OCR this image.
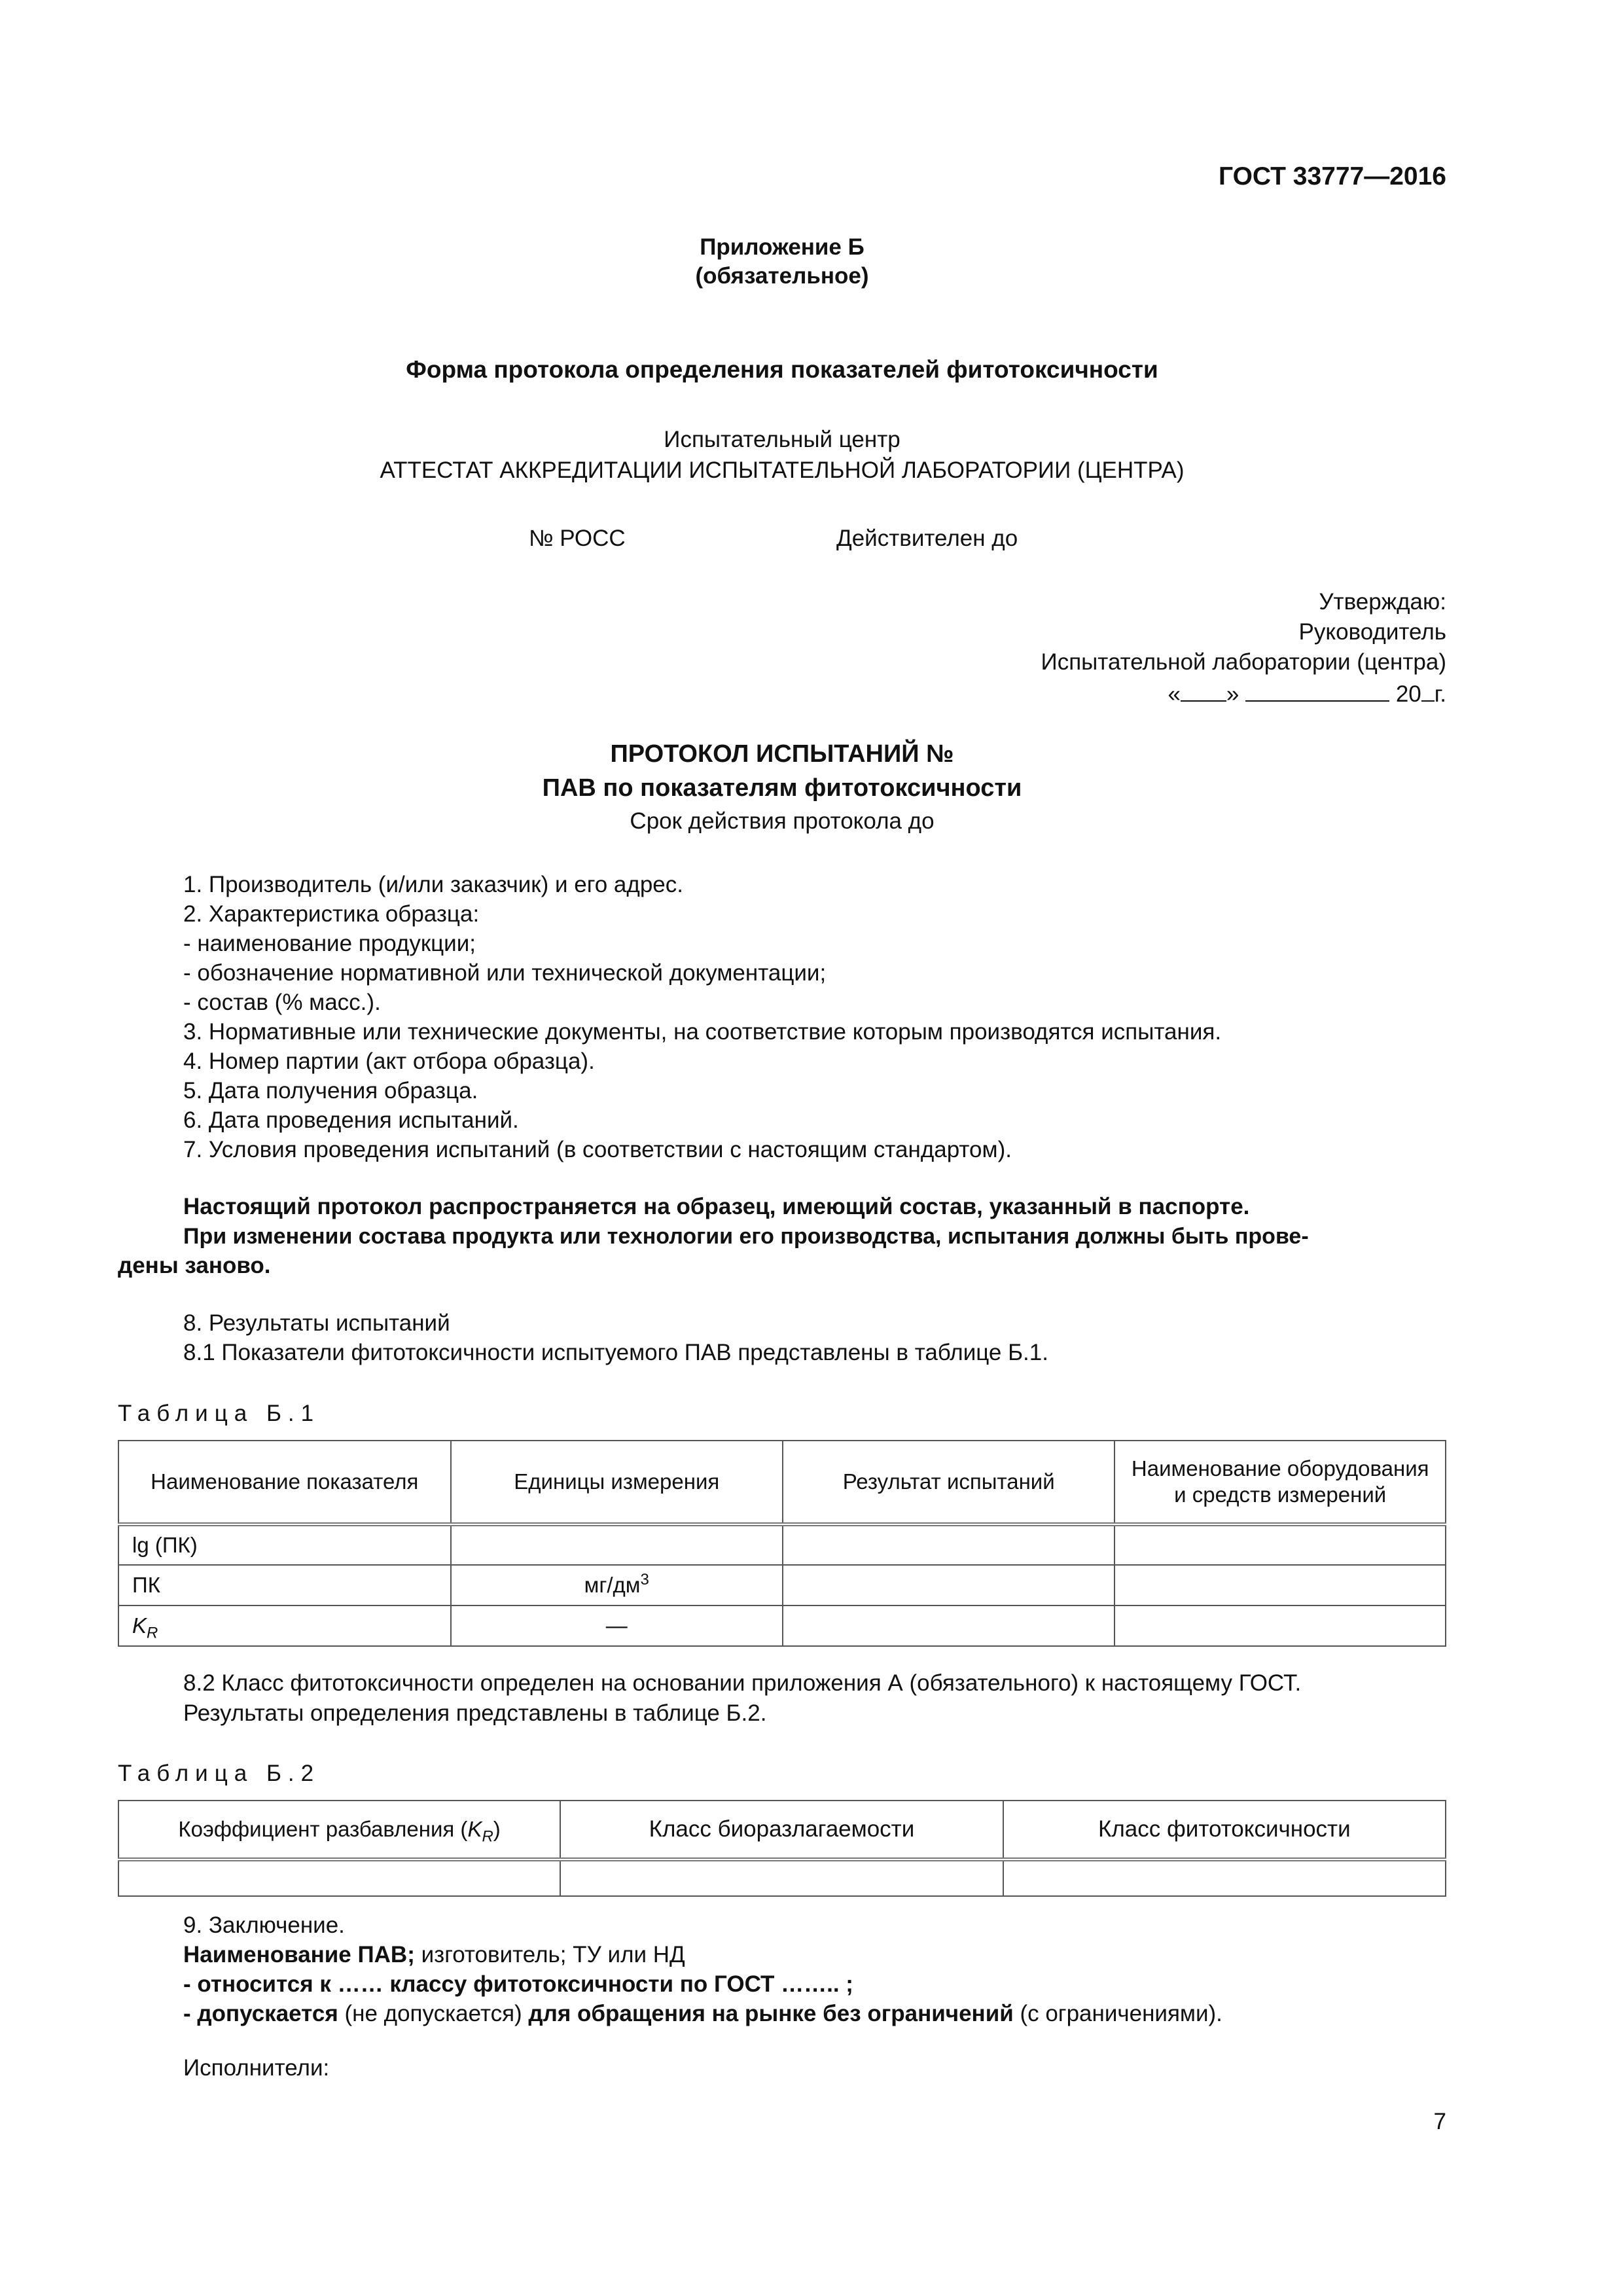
ГОСТ 33777—2016
Приложение Б
(обязательное)
Форма протокола определения показателей фитотоксичности
Испытательный центр
АТТЕСТАТ АККРЕДИТАЦИИ ИСПЫТАТЕЛЬНОЙ ЛАБОРАТОРИИ (ЦЕНТРА)
№ РОСС	Действителен до
Утверждаю:
Руководитель
Испытательной лаборатории (центра)
« »	20 г.
ПРОТОКОЛ ИСПЫТАНИЙ №
ПАВ по показателям фитотоксичности
Срок действия протокола до
1. Производитель (и/или заказчик) и его адрес.
2. Характеристика образца:
- наименование продукции;
- обозначение нормативной или технической документации;
- состав (% масс.).
3. Нормативные или технические документы, на соответствие которым производятся испытания.
4. Номер партии (акт отбора образца).
5. Дата получения образца.
6. Дата проведения испытаний.
7. Условия проведения испытаний (в соответствии с настоящим стандартом).
Настоящий протокол распространяется на образец, имеющий состав, указанный в паспорте.
При изменении состава продукта или технологии его производства, испытания должны быть прове-
дены заново.
8. Результаты испытаний
8.1 Показатели фитотоксичности испытуемого ПАВ представлены в таблице Б.1.
Таблица Б.1
Наименование показателя	Единицы измерения	Результат испытаний	Наименование оборудования
и средств измерений
lg (ПК)			
ПК	$мг/дм^3$		
$K_R$	—		
8.2 Класс фитотоксичности определен на основании приложения А (обязательного) к настоящему ГОСТ.
Результаты определения представлены в таблице Б.2.
Таблица Б.2
Коэффициент разбавления $(K_R)$	Класс биоразлагаемости	Класс фитотоксичности

9. Заключение.
Наименование ПАВ; изготовитель; ТУ или НД
- относится к …… классу фитотоксичности по ГОСТ …….. ;
- допускается (не допускается) для обращения на рынке без ограничений (с ограничениями).
Исполнители:
7
